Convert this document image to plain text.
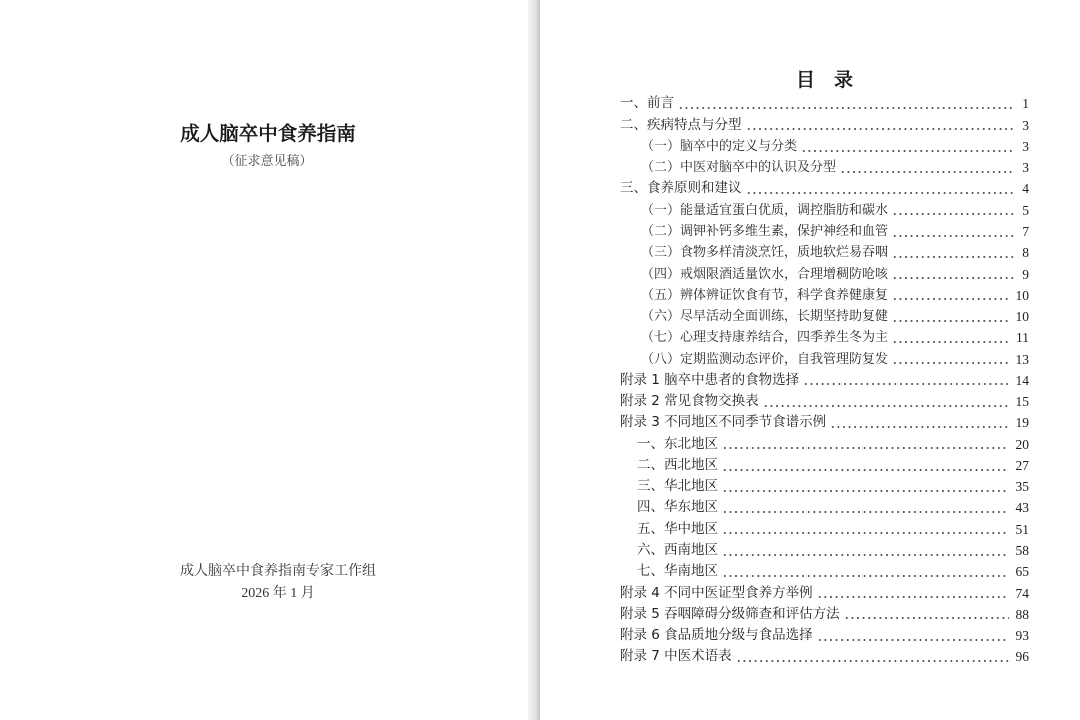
成人脑卒中食养指南
（征求意见稿）
成人脑卒中食养指南专家工作组
2026 年 1 月
目　录
一、前言	1
二、疾病特点与分型	3
（一）脑卒中的定义与分类	3
（二）中医对脑卒中的认识及分型	3
三、食养原则和建议	4
（一）能量适宜蛋白优质，调控脂肪和碳水	5
（二）调钾补钙多维生素，保护神经和血管	7
（三）食物多样清淡烹饪，质地软烂易吞咽	8
（四）戒烟限酒适量饮水，合理增稠防呛咳	9
（五）辨体辨证饮食有节，科学食养健康复	10
（六）尽早活动全面训练，长期坚持助复健	10
（七）心理支持康养结合，四季养生冬为主	11
（八）定期监测动态评价，自我管理防复发	13
附录 1 脑卒中患者的食物选择	14
附录 2 常见食物交换表	15
附录 3 不同地区不同季节食谱示例	19
一、东北地区	20
二、西北地区	27
三、华北地区	35
四、华东地区	43
五、华中地区	51
六、西南地区	58
七、华南地区	65
附录 4 不同中医证型食养方举例	74
附录 5 吞咽障碍分级筛查和评估方法	88
附录 6 食品质地分级与食品选择	93
附录 7 中医术语表	96
